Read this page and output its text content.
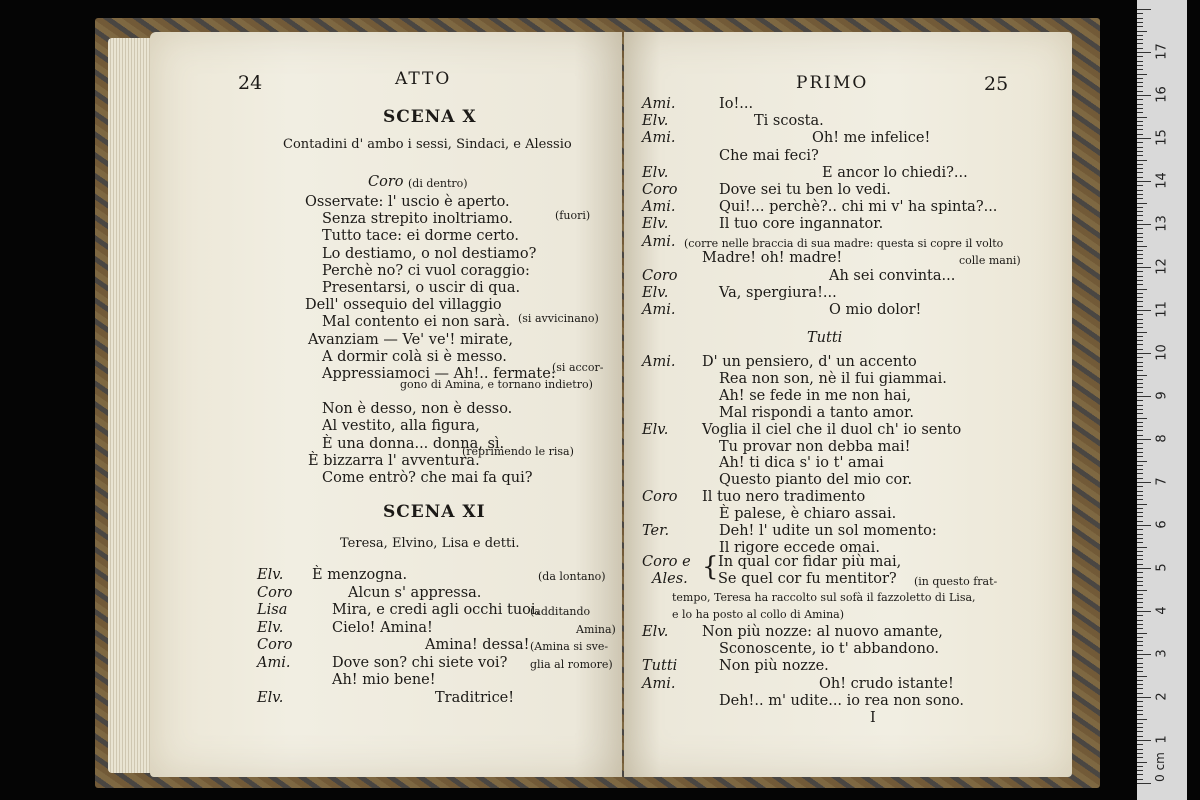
24	ATTO
SCENA X
Contadini d' ambo i sessi, Sindaci, e Alessio
Coro (di dentro)
Osservate: l' uscio è aperto.
Senza strepito inoltriamo.
Tutto tace: ei dorme certo.
Lo destiamo, o nol destiamo?
Perchè no? ci vuol coraggio:
Presentarsi, o uscir di qua.
Dell' ossequio del villaggio
Mal contento ei non sarà.
Avanziam — Ve' ve'! mirate,
A dormir colà si è messo.
Appressiamoci — Ah!.. fermate:
Non è desso, non è desso.
Al vestito, alla figura,
È una donna... donna, sì.
È bizzarra l' avventura.
Come entrò? che mai fa qui?
(fuori)
(si avvicinano)
(si accor-
gono di Amina, e tornano indietro)
(reprimendo le risa)
SCENA XI
Teresa, Elvino, Lisa e detti.
Elv. È menzogna.	(da lontano)
Coro	Alcun s' appressa.
Lisa	Mira, e credi agli occhi tuoi.
(additando
Elv.	Cielo! Amina!	Amina)
Coro	Amina! dessa! (Amina si sve-
Ami.	Dove son? chi siete voi? glia al romore)
Ah! mio bene!
Elv.	Traditrice!
PRIMO	25
Ami.	Io!...
Elv.	Ti scosta.
Ami.	Oh! me infelice!
Che mai feci?
Elv.	E ancor lo chiedi?...
Coro	Dove sei tu ben lo vedi.
Ami.	Qui!... perchè?.. chi mi v' ha spinta?...
Elv.	Il tuo core ingannator.
Ami. (corre nelle braccia di sua madre: questa si copre il volto
Madre! oh! madre!	colle mani)
Coro	Ah sei convinta...
Elv.	Va, spergiura!...
Ami.	O mio dolor!
Tutti
Ami. D' un pensiero, d' un accento
Rea non son, nè il fui giammai.
Ah! se fede in me non hai,
Mal rispondi a tanto amor.
Elv. Voglia il ciel che il duol ch' io sento
Tu provar non debba mai!
Ah! ti dica s' io t' amai
Questo pianto del mio cor.
Coro Il tuo nero tradimento
È palese, è chiaro assai.
Ter.	Deh! l' udite un sol momento:
Il rigore eccede omai.
Coro e
Ales. { In qual cor fidar più mai,
Se quel cor fu mentitor? (in questo frat-
tempo, Teresa ha raccolto sul sofà il fazzoletto di Lisa,
e lo ha posto al collo di Amina)
Elv. Non più nozze: al nuovo amante,
Sconoscente, io t' abbandono.
Tutti	Non più nozze.
Ami.	Oh! crudo istante!
Deh!.. m' udite... io rea non sono.
I
0 cm
1
2
3
4
5
6
7
8
9
10
11
12
13
14
15
16
17
